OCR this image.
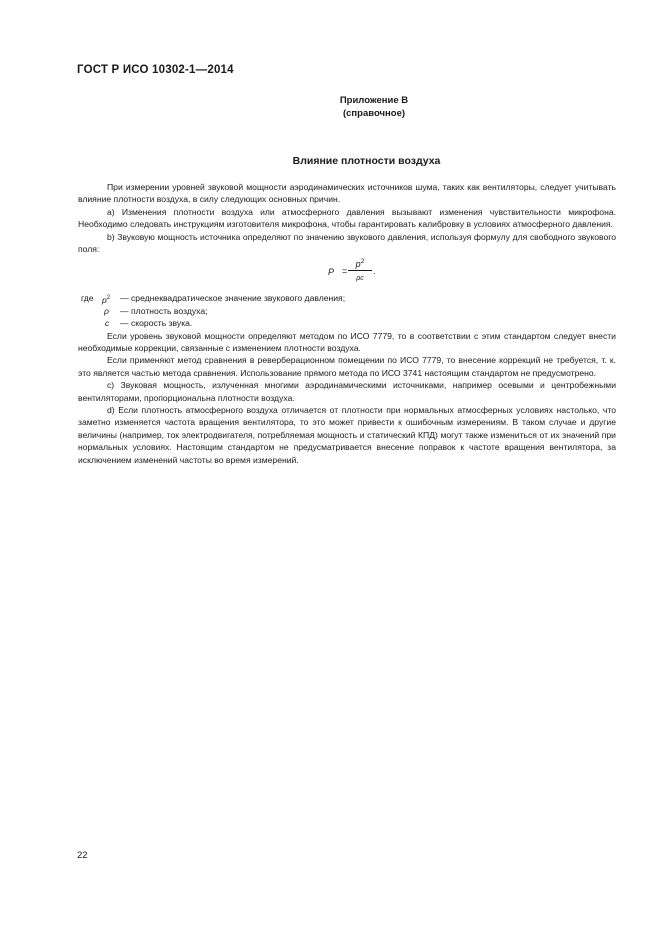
ГОСТ Р ИСО 10302-1—2014
Приложение В
(справочное)
Влияние плотности воздуха

При измерении уровней звуковой мощности аэродинамических источников шума, таких как вентиляторы, следует учитывать влияние плотности воздуха, в силу следующих основных причин.

a) Изменения плотности воздуха или атмосферного давления вызывают изменения чувствительности микрофона. Необходимо следовать инструкциям изготовителя микрофона, чтобы гарантировать калибровку в условиях атмосферного давления.

b) Звуковую мощность источника определяют по значению звукового давления, используя формулу для свободного звукового поля:

P =
$p^2$
ρc
.
где $p^2$ — среднеквадратическое значение звукового давления;
ρ — плотность воздуха;
c — скорость звука.

Если уровень звуковой мощности определяют методом по ИСО 7779, то в соответствии с этим стандартом следует внести необходимые коррекции, связанные с изменением плотности воздуха.

Если применяют метод сравнения в реверберационном помещении по ИСО 7779, то внесение коррекций не требуется, т. к. это является частью метода сравнения. Использование прямого метода по ИСО 3741 настоящим стандартом не предусмотрено.

c) Звуковая мощность, излученная многими аэродинамическими источниками, например осевыми и центробежными вентиляторами, пропорциональна плотности воздуха.

d) Если плотность атмосферного воздуха отличается от плотности при нормальных атмосферных условиях настолько, что заметно изменяется частота вращения вентилятора, то это может привести к ошибочным измерениям. В таком случае и другие величины (например, ток электродвигателя, потребляемая мощность и статический КПД) могут также измениться от их значений при нормальных условиях. Настоящим стандартом не предусматривается внесение поправок к частоте вращения вентилятора, за исключением изменений частоты во время измерений.

22
